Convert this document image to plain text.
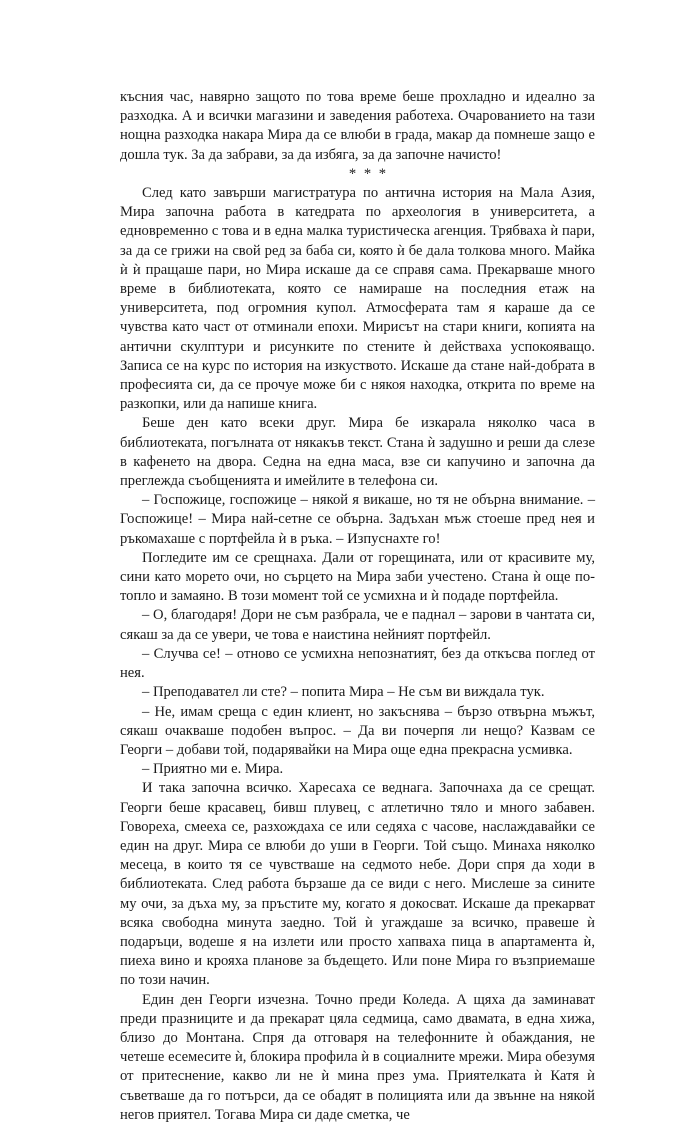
късния час, навярно защото по това време беше прохладно и идеално за разходка. А и всички магазини и заведения работеха. Очарованието на тази нощна разходка накара Мира да се влюби в града, макар да помнеше защо е дошла тук. За да забрави, за да избяга, за да започне начисто!

* * *

След като завърши магистратура по антична история на Мала Азия, Мира започна работа в катедрата по археология в университета, а едновременно с това и в една малка туристическа агенция. Трябваха ѝ пари, за да се грижи на свой ред за баба си, която ѝ бе дала толкова много. Майка ѝ ѝ пращаше пари, но Мира искаше да се справя сама. Прекарваше много време в библиотеката, която се намираше на последния етаж на университета, под огромния купол. Атмосферата там я караше да се чувства като част от отминали епохи. Мирисът на стари книги, копията на антични скулптури и рисунките по стените ѝ действаха успокояващо. Записа се на курс по история на изкуството. Искаше да стане най-добрата в професията си, да се прочуе може би с някоя находка, открита по време на разкопки, или да напише книга.

Беше ден като всеки друг. Мира бе изкарала няколко часа в библиотеката, погълната от някакъв текст. Стана ѝ задушно и реши да слезе в кафенето на двора. Седна на една маса, взе си капучино и започна да преглежда съобщенията и имейлите в телефона си.

– Госпожице, госпожице – някой я викаше, но тя не обърна внимание. – Госпожице! – Мира най-сетне се обърна. Задъхан мъж стоеше пред нея и ръкомахаше с портфейла ѝ в ръка. – Изпуснахте го!

Погледите им се срещнаха. Дали от горещината, или от красивите му, сини като морето очи, но сърцето на Мира заби учестено. Стана ѝ още по-топло и замаяно. В този момент той се усмихна и ѝ подаде портфейла.

– О, благодаря! Дори не съм разбрала, че е паднал – зарови в чантата си, сякаш за да се увери, че това е наистина нейният портфейл.

– Случва се! – отново се усмихна непознатият, без да откъсва поглед от нея.

– Преподавател ли сте? – попита Мира – Не съм ви виждала тук.

– Не, имам среща с един клиент, но закъснява – бързо отвърна мъжът, сякаш очакваше подобен въпрос. – Да ви почерпя ли нещо? Казвам се Георги – добави той, подарявайки на Мира още една прекрасна усмивка.

– Приятно ми е. Мира.

И така започна всичко. Харесаха се веднага. Започнаха да се срещат. Георги беше красавец, бивш плувец, с атлетично тяло и много забавен. Говореха, смееха се, разхождаха се или седяха с часове, наслаждавайки се един на друг. Мира се влюби до уши в Георги. Той също. Минаха няколко месеца, в които тя се чувстваше на седмото небе. Дори спря да ходи в библиотеката. След работа бързаше да се види с него. Мислеше за сините му очи, за дъха му, за пръстите му, когато я докосват. Искаше да прекарват всяка свободна минута заедно. Той ѝ угаждаше за всичко, правеше ѝ подаръци, водеше я на излети или просто хапваха пица в апартамента ѝ, пиеха вино и крояха планове за бъдещето. Или поне Мира го възприемаше по този начин.

Един ден Георги изчезна. Точно преди Коледа. А щяха да заминават преди празниците и да прекарат цяла седмица, само двамата, в една хижа, близо до Монтана. Спря да отговаря на телефонните ѝ обаждания, не четеше есемесите ѝ, блокира профила ѝ в социалните мрежи. Мира обезумя от притеснение, какво ли не ѝ мина през ума. Приятелката ѝ Катя ѝ съветваше да го потърси, да се обадят в полицията или да звънне на някой негов приятел. Тогава Мира си даде сметка, че
